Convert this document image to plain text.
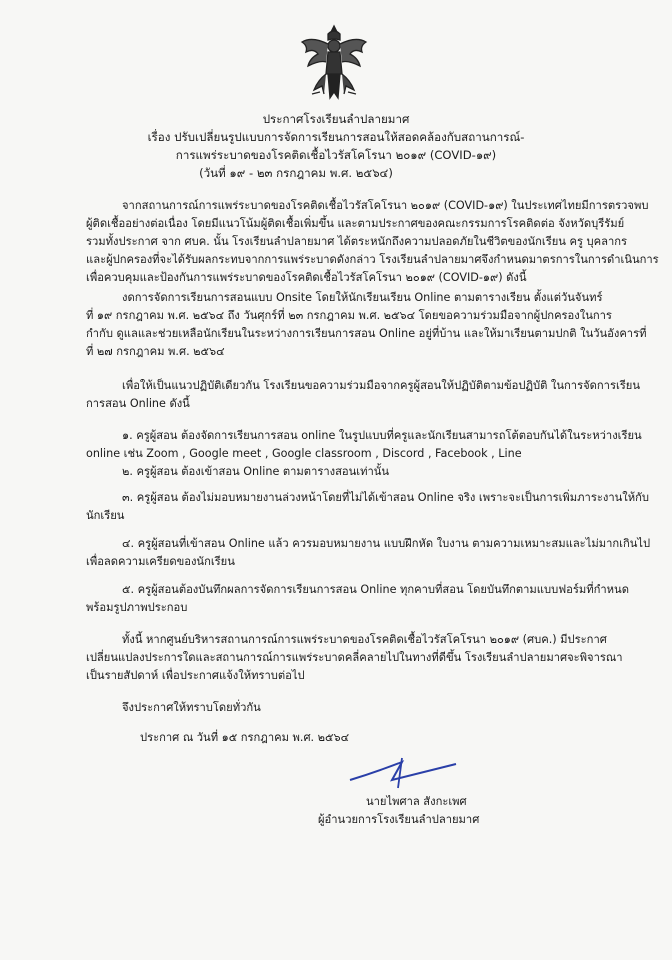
ประกาศโรงเรียนลำปลายมาศ
เรื่อง ปรับเปลี่ยนรูปแบบการจัดการเรียนการสอนให้สอดคล้องกับสถานการณ์-
การแพร่ระบาดของโรคติดเชื้อไวรัสโคโรนา ๒๐๑๙ (COVID-๑๙)
(วันที่ ๑๙ - ๒๓ กรกฎาคม พ.ศ. ๒๕๖๔)
จากสถานการณ์การแพร่ระบาดของโรคติดเชื้อไวรัสโคโรนา ๒๐๑๙ (COVID-๑๙) ในประเทศไทยมีการตรวจพบ
ผู้ติดเชื้ออย่างต่อเนื่อง โดยมีแนวโน้มผู้ติดเชื้อเพิ่มขึ้น และตามประกาศของคณะกรรมการโรคติดต่อ จังหวัดบุรีรัมย์
รวมทั้งประกาศ จาก ศบค. นั้น โรงเรียนลำปลายมาศ ได้ตระหนักถึงความปลอดภัยในชีวิตของนักเรียน ครู บุคลากร
และผู้ปกครองที่จะได้รับผลกระทบจากการแพร่ระบาดดังกล่าว โรงเรียนลำปลายมาศจึงกำหนดมาตรการในการดำเนินการ
เพื่อควบคุมและป้องกันการแพร่ระบาดของโรคติดเชื้อไวรัสโคโรนา ๒๐๑๙ (COVID-๑๙) ดังนี้
งดการจัดการเรียนการสอนแบบ Onsite โดยให้นักเรียนเรียน Online ตามตารางเรียน ตั้งแต่วันจันทร์
ที่ ๑๙ กรกฎาคม พ.ศ. ๒๕๖๔ ถึง วันศุกร์ที่ ๒๓ กรกฎาคม พ.ศ. ๒๕๖๔ โดยขอความร่วมมือจากผู้ปกครองในการ
กำกับ ดูแลและช่วยเหลือนักเรียนในระหว่างการเรียนการสอน Online อยู่ที่บ้าน และให้มาเรียนตามปกติ ในวันอังคารที่
ที่ ๒๗ กรกฎาคม พ.ศ. ๒๕๖๔
เพื่อให้เป็นแนวปฏิบัติเดียวกัน โรงเรียนขอความร่วมมือจากครูผู้สอนให้ปฏิบัติตามข้อปฏิบัติ ในการจัดการเรียน
การสอน Online ดังนี้
๑. ครูผู้สอน ต้องจัดการเรียนการสอน online ในรูปแบบที่ครูและนักเรียนสามารถโต้ตอบกันได้ในระหว่างเรียน
online เช่น Zoom , Google meet , Google classroom , Discord , Facebook , Line
๒. ครูผู้สอน ต้องเข้าสอน Online ตามตารางสอนเท่านั้น
๓. ครูผู้สอน ต้องไม่มอบหมายงานล่วงหน้าโดยที่ไม่ได้เข้าสอน Online จริง เพราะจะเป็นการเพิ่มภาระงานให้กับ
นักเรียน
๔. ครูผู้สอนที่เข้าสอน Online แล้ว ควรมอบหมายงาน แบบฝึกหัด ใบงาน ตามความเหมาะสมและไม่มากเกินไป
เพื่อลดความเครียดของนักเรียน
๕. ครูผู้สอนต้องบันทึกผลการจัดการเรียนการสอน Online ทุกคาบที่สอน โดยบันทึกตามแบบฟอร์มที่กำหนด
พร้อมรูปภาพประกอบ
ทั้งนี้ หากศูนย์บริหารสถานการณ์การแพร่ระบาดของโรคติดเชื้อไวรัสโคโรนา ๒๐๑๙ (ศบค.) มีประกาศ
เปลี่ยนแปลงประการใดและสถานการณ์การแพร่ระบาดคลี่คลายไปในทางที่ดีขึ้น โรงเรียนลำปลายมาศจะพิจารณา
เป็นรายสัปดาห์ เพื่อประกาศแจ้งให้ทราบต่อไป
จึงประกาศให้ทราบโดยทั่วกัน
ประกาศ ณ วันที่ ๑๕ กรกฎาคม พ.ศ. ๒๕๖๔
นายไพศาล สังกะเพศ
ผู้อำนวยการโรงเรียนลำปลายมาศ
